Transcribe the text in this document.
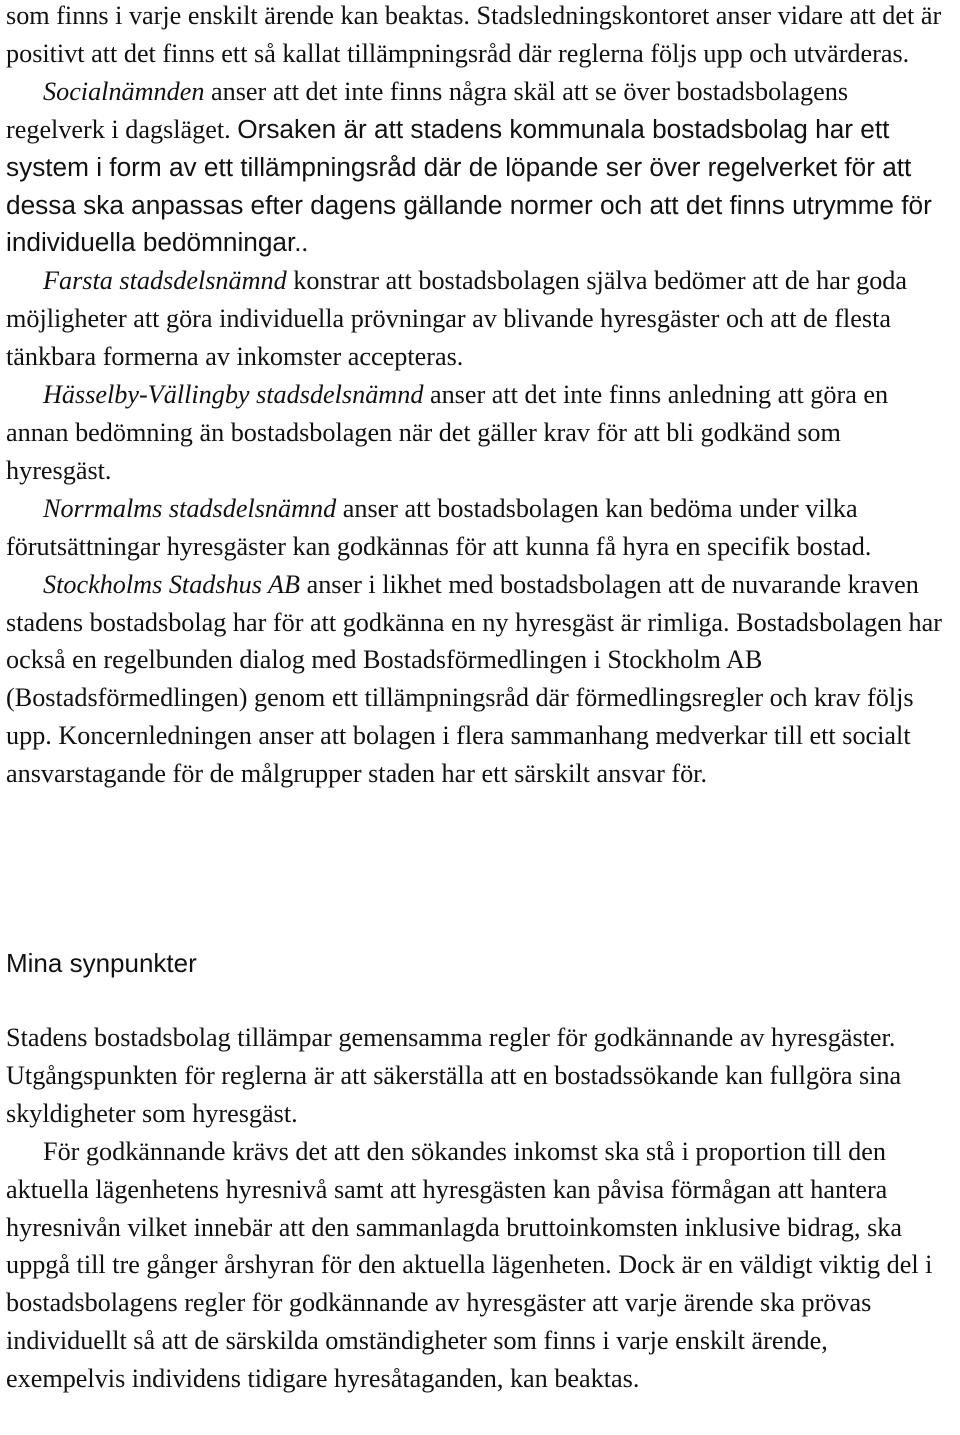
som finns i varje enskilt ärende kan beaktas. Stadsledningskontoret anser vidare att det är positivt att det finns ett så kallat tillämpningsråd där reglerna följs upp och utvärderas.

Socialnämnden anser att det inte finns några skäl att se över bostadsbolagens regelverk i dagsläget. Orsaken är att stadens kommunala bostadsbolag har ett system i form av ett tillämpningsråd där de löpande ser över regelverket för att dessa ska anpassas efter dagens gällande normer och att det finns utrymme för individuella bedömningar..

Farsta stadsdelsnämnd konstrar att bostadsbolagen själva bedömer att de har goda möjligheter att göra individuella prövningar av blivande hyresgäster och att de flesta tänkbara formerna av inkomster accepteras.

Hässelby-Vällingby stadsdelsnämnd anser att det inte finns anledning att göra en annan bedömning än bostadsbolagen när det gäller krav för att bli godkänd som hyresgäst.

Norrmalms stadsdelsnämnd anser att bostadsbolagen kan bedöma under vilka förutsättningar hyresgäster kan godkännas för att kunna få hyra en specifik bostad.

Stockholms Stadshus AB anser i likhet med bostadsbolagen att de nuvarande kraven stadens bostadsbolag har för att godkänna en ny hyresgäst är rimliga. Bostadsbolagen har också en regelbunden dialog med Bostadsförmedlingen i Stockholm AB (Bostadsförmedlingen) genom ett tillämpningsråd där förmedlingsregler och krav följs upp. Koncernledningen anser att bolagen i flera sammanhang medverkar till ett socialt ansvarstagande för de målgrupper staden har ett särskilt ansvar för.

Mina synpunkter

Stadens bostadsbolag tillämpar gemensamma regler för godkännande av hyresgäster. Utgångspunkten för reglerna är att säkerställa att en bostadssökande kan fullgöra sina skyldigheter som hyresgäst.

För godkännande krävs det att den sökandes inkomst ska stå i proportion till den aktuella lägenhetens hyresnivå samt att hyresgästen kan påvisa förmågan att hantera hyresnivån vilket innebär att den sammanlagda bruttoinkomsten inklusive bidrag, ska uppgå till tre gånger årshyran för den aktuella lägenheten. Dock är en väldigt viktig del i bostadsbolagens regler för godkännande av hyresgäster att varje ärende ska prövas individuellt så att de särskilda omständigheter som finns i varje enskilt ärende, exempelvis individens tidigare hyresåtaganden, kan beaktas.
